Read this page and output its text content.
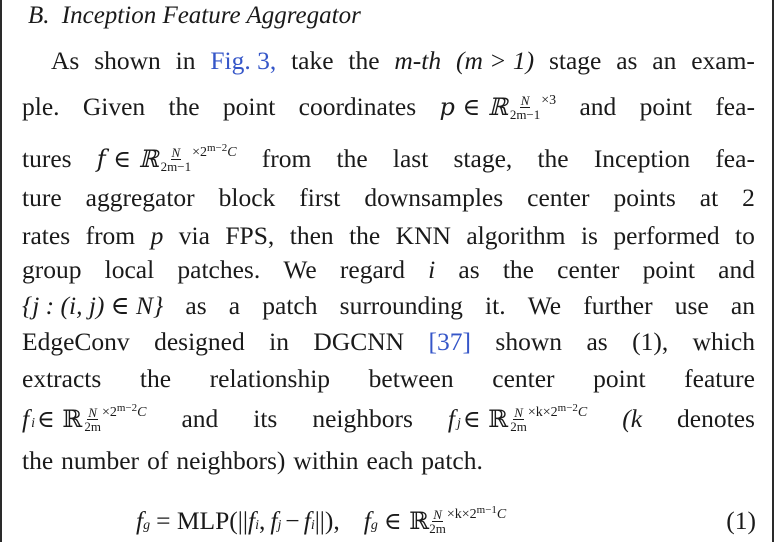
B. Inception Feature Aggregator
As shown in Fig. 3, take the m-th (m > 1) stage as an exam-
ple. Given the point coordinates p ∈ ℝ $\frac{N}{2m-1} \times 3$ and point fea-
tures f ∈ ℝ $\frac{N}{2m-1} \times 2$ m−2 C from the last stage, the Inception fea-
ture aggregator block first downsamples center points at 2
rates from p via FPS, then the KNN algorithm is performed to
group local patches. We regard i as the center point and
{j : (i, j) ∈ N} as a patch surrounding it. We further use an
EdgeConv designed in DGCNN [37] shown as (1), which
extracts the relationship between center point feature
f i ∈ ℝ $\frac{N}{2m} \times 2$ m−2 C and its neighbors f j ∈ ℝ $\frac{N}{2m} \times k\times 2$ m−2 C (k denotes
the number of neighbors) within each patch.
f g = MLP(|| f i , f j − f i ||), f g ∈ ℝ $\frac{N}{2m} \times k\times 2$ m−1 C	(1)
